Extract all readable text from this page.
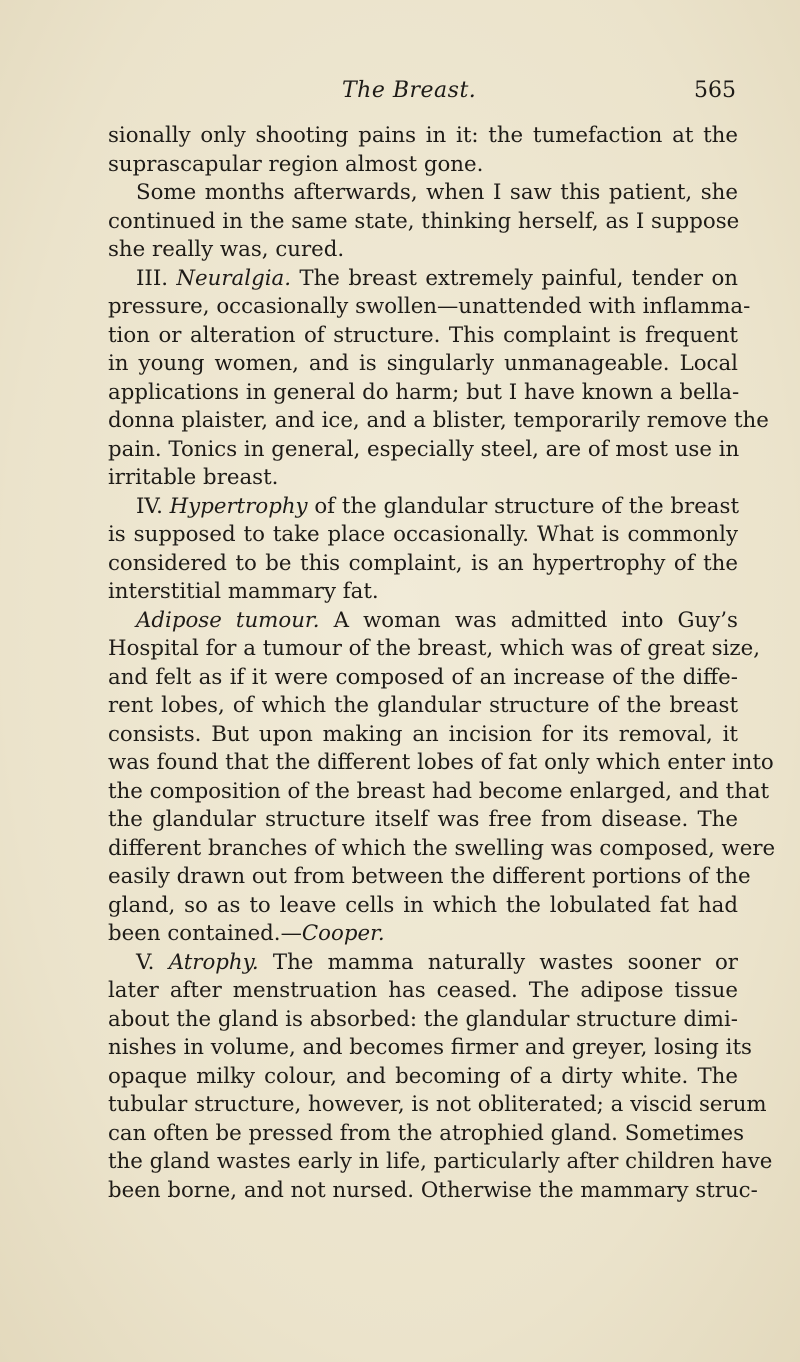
The Breast.	565
sionally only shooting pains in it: the tumefaction at the
suprascapular region almost gone.
Some months afterwards, when I saw this patient, she
continued in the same state, thinking herself, as I suppose
she really was, cured.
III. Neuralgia. The breast extremely painful, tender on
pressure, occasionally swollen—unattended with inflamma-
tion or alteration of structure. This complaint is frequent
in young women, and is singularly unmanageable. Local
applications in general do harm; but I have known a bella-
donna plaister, and ice, and a blister, temporarily remove the
pain. Tonics in general, especially steel, are of most use in
irritable breast.
IV. Hypertrophy of the glandular structure of the breast
is supposed to take place occasionally. What is commonly
considered to be this complaint, is an hypertrophy of the
interstitial mammary fat.
Adipose tumour. A woman was admitted into Guy’s
Hospital for a tumour of the breast, which was of great size,
and felt as if it were composed of an increase of the diffe-
rent lobes, of which the glandular structure of the breast
consists. But upon making an incision for its removal, it
was found that the different lobes of fat only which enter into
the composition of the breast had become enlarged, and that
the glandular structure itself was free from disease. The
different branches of which the swelling was composed, were
easily drawn out from between the different portions of the
gland, so as to leave cells in which the lobulated fat had
been contained.—Cooper.
V. Atrophy. The mamma naturally wastes sooner or
later after menstruation has ceased. The adipose tissue
about the gland is absorbed: the glandular structure dimi-
nishes in volume, and becomes firmer and greyer, losing its
opaque milky colour, and becoming of a dirty white. The
tubular structure, however, is not obliterated; a viscid serum
can often be pressed from the atrophied gland. Sometimes
the gland wastes early in life, particularly after children have
been borne, and not nursed. Otherwise the mammary struc-
